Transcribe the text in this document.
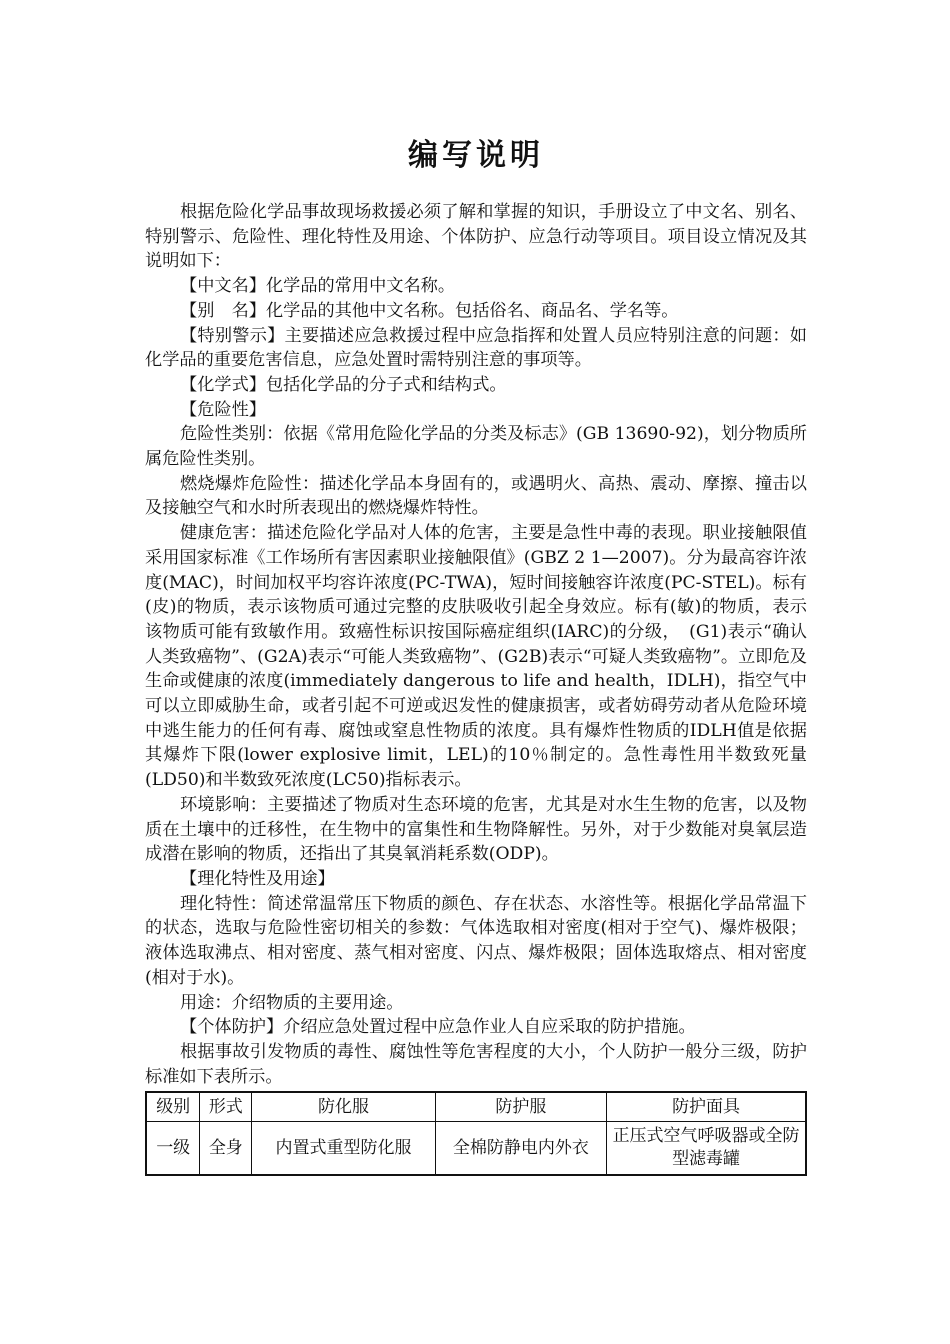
编写说明

根据危险化学品事故现场救援必须了解和掌握的知识，手册设立了中文名、别名、特别警示、危险性、理化特性及用途、个体防护、应急行动等项目。项目设立情况及其说明如下：

【中文名】化学品的常用中文名称。

【别　名】化学品的其他中文名称。包括俗名、商品名、学名等。

【特别警示】主要描述应急救援过程中应急指挥和处置人员应特别注意的问题：如化学品的重要危害信息，应急处置时需特别注意的事项等。

【化学式】包括化学品的分子式和结构式。

【危险性】

危险性类别：依据《常用危险化学品的分类及标志》(GB 13690-92)，划分物质所属危险性类别。

燃烧爆炸危险性：描述化学品本身固有的，或遇明火、高热、震动、摩擦、撞击以及接触空气和水时所表现出的燃烧爆炸特性。

健康危害：描述危险化学品对人体的危害，主要是急性中毒的表现。职业接触限值采用国家标准《工作场所有害因素职业接触限值》(GBZ 2 1—2007)。分为最高容许浓度(MAC)，时间加权平均容许浓度(PC-TWA)，短时间接触容许浓度(PC-STEL)。标有(皮)的物质，表示该物质可通过完整的皮肤吸收引起全身效应。标有(敏)的物质，表示该物质可能有致敏作用。致癌性标识按国际癌症组织(IARC)的分级，　(G1)表示“确认人类致癌物”、(G2A)表示“可能人类致癌物”、(G2B)表示“可疑人类致癌物”。立即危及生命或健康的浓度(immediately dangerous to life and health，IDLH)，指空气中可以立即威胁生命，或者引起不可逆或迟发性的健康损害，或者妨碍劳动者从危险环境中逃生能力的任何有毒、腐蚀或窒息性物质的浓度。具有爆炸性物质的IDLH值是依据其爆炸下限(lower explosive limit，LEL)的10％制定的。急性毒性用半数致死量(LD50)和半数致死浓度(LC50)指标表示。

环境影响：主要描述了物质对生态环境的危害，尤其是对水生生物的危害，以及物质在土壤中的迁移性，在生物中的富集性和生物降解性。另外，对于少数能对臭氧层造成潜在影响的物质，还指出了其臭氧消耗系数(ODP)。

【理化特性及用途】

理化特性：简述常温常压下物质的颜色、存在状态、水溶性等。根据化学品常温下的状态，选取与危险性密切相关的参数：气体选取相对密度(相对于空气)、爆炸极限；液体选取沸点、相对密度、蒸气相对密度、闪点、爆炸极限；固体选取熔点、相对密度(相对于水)。

用途：介绍物质的主要用途。

【个体防护】介绍应急处置过程中应急作业人自应采取的防护措施。

根据事故引发物质的毒性、腐蚀性等危害程度的大小，个人防护一般分三级，防护标准如下表所示。

级别	形式	防化服	防护服	防护面具
一级	全身	内置式重型防化服	全棉防静电内外衣	正压式空气呼吸器或全防型滤毒罐
